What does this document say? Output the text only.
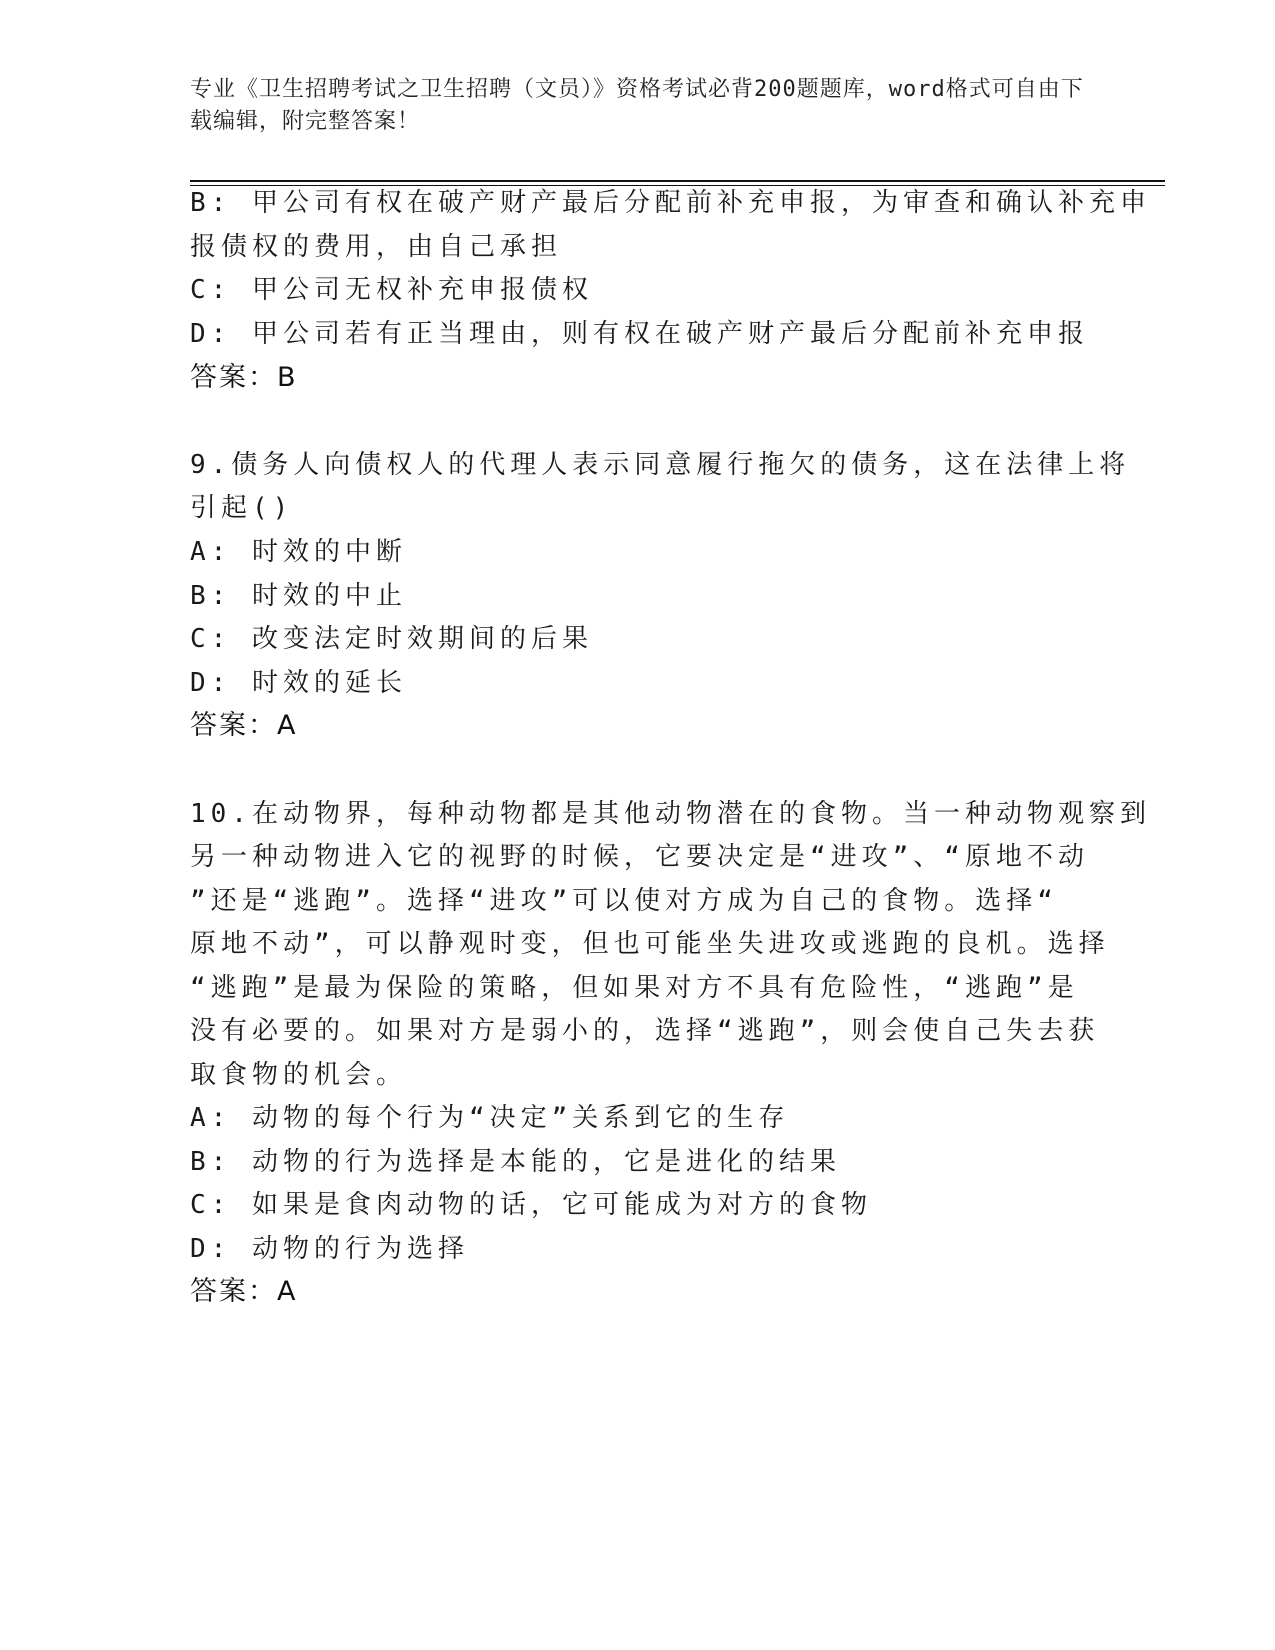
专业《卫生招聘考试之卫生招聘（文员）》资格考试必背200题题库，word格式可自由下载编辑，附完整答案！
B: 甲公司有权在破产财产最后分配前补充申报，为审查和确认补充申
报债权的费用，由自己承担
C: 甲公司无权补充申报债权
D: 甲公司若有正当理由，则有权在破产财产最后分配前补充申报
答案：B
9.债务人向债权人的代理人表示同意履行拖欠的债务，这在法律上将
引起()
A: 时效的中断
B: 时效的中止
C: 改变法定时效期间的后果
D: 时效的延长
答案：A
10.在动物界，每种动物都是其他动物潜在的食物。当一种动物观察到
另一种动物进入它的视野的时候，它要决定是“进攻”、“原地不动
”还是“逃跑”。选择“进攻”可以使对方成为自己的食物。选择“
原地不动”，可以静观时变，但也可能坐失进攻或逃跑的良机。选择
“逃跑”是最为保险的策略，但如果对方不具有危险性，“逃跑”是
没有必要的。如果对方是弱小的，选择“逃跑”，则会使自己失去获
取食物的机会。
A: 动物的每个行为“决定”关系到它的生存
B: 动物的行为选择是本能的，它是进化的结果
C: 如果是食肉动物的话，它可能成为对方的食物
D: 动物的行为选择
答案：A
